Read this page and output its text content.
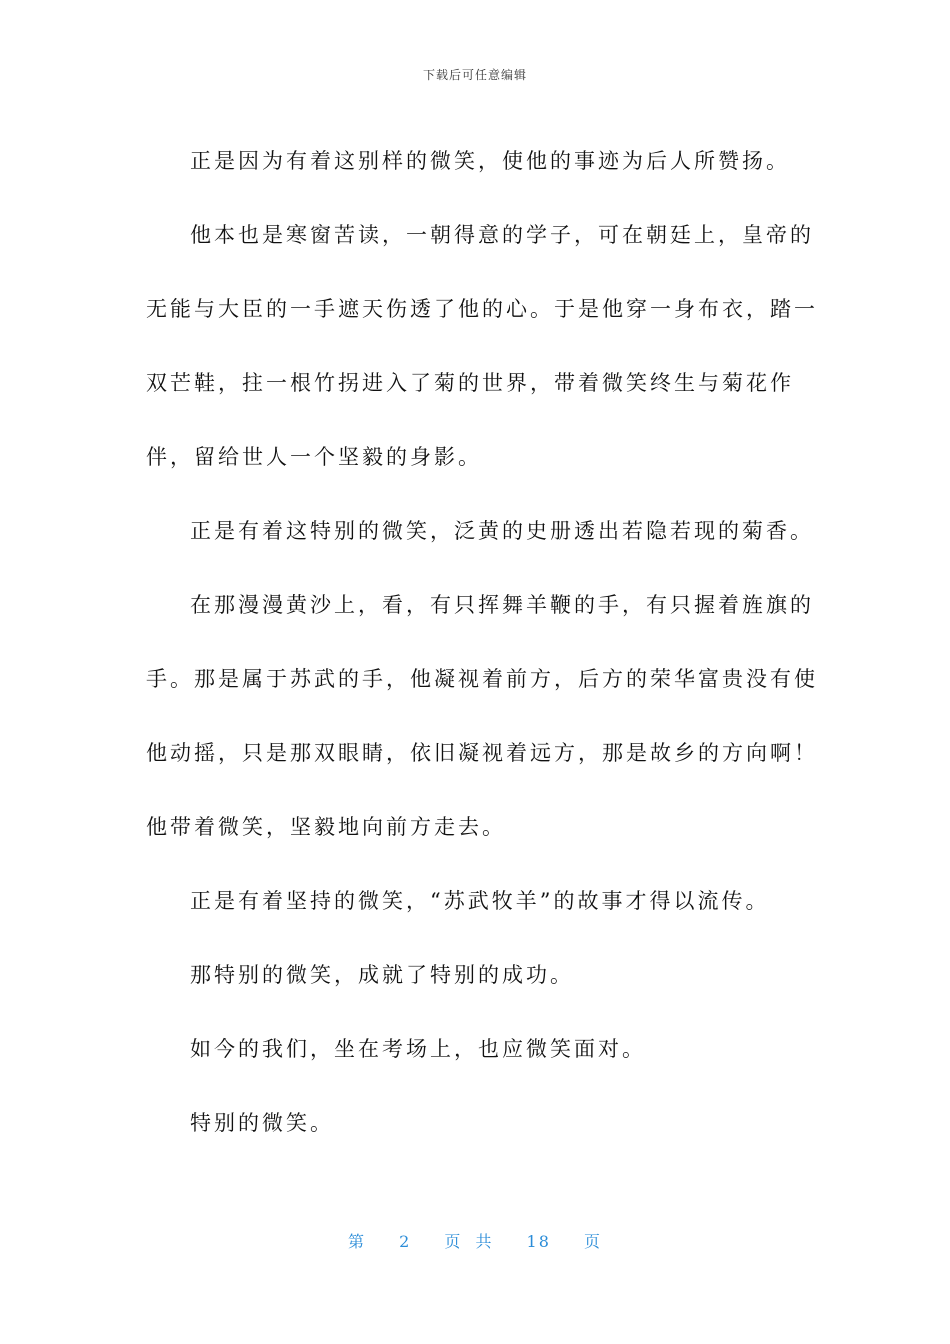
下载后可任意编辑

正是因为有着这别样的微笑，使他的事迹为后人所赞扬。

他本也是寒窗苦读，一朝得意的学子，可在朝廷上，皇帝的无能与大臣的一手遮天伤透了他的心。于是他穿一身布衣，踏一双芒鞋，拄一根竹拐进入了菊的世界，带着微笑终生与菊花作伴，留给世人一个坚毅的身影。

正是有着这特别的微笑，泛黄的史册透出若隐若现的菊香。

在那漫漫黄沙上，看，有只挥舞羊鞭的手，有只握着旌旗的手。那是属于苏武的手，他凝视着前方，后方的荣华富贵没有使他动摇，只是那双眼睛，依旧凝视着远方，那是故乡的方向啊！他带着微笑，坚毅地向前方走去。

正是有着坚持的微笑，“苏武牧羊”的故事才得以流传。

那特别的微笑，成就了特别的成功。

如今的我们，坐在考场上，也应微笑面对。

特别的微笑。

第 2 页 共 18 页
